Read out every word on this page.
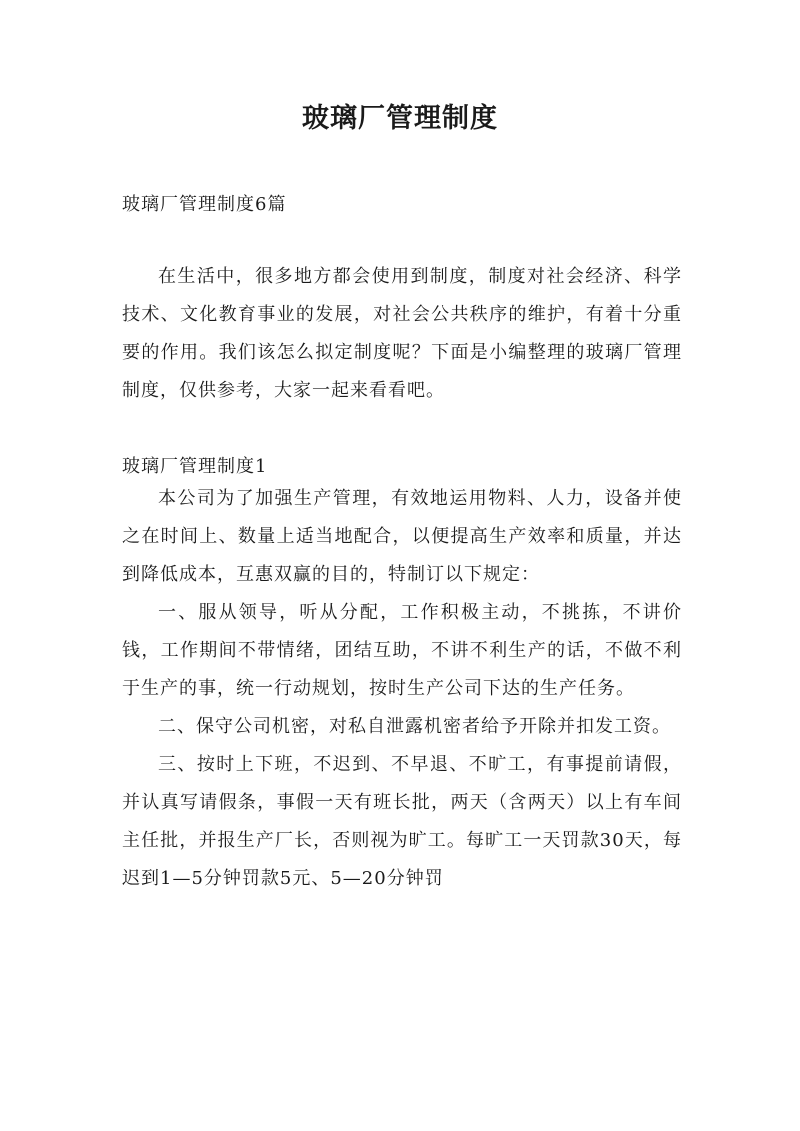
玻璃厂管理制度
玻璃厂管理制度6篇

在生活中，很多地方都会使用到制度，制度对社会经济、科学技术、文化教育事业的发展，对社会公共秩序的维护，有着十分重要的作用。我们该怎么拟定制度呢？下面是小编整理的玻璃厂管理制度，仅供参考，大家一起来看看吧。

玻璃厂管理制度1

本公司为了加强生产管理，有效地运用物料、人力，设备并使之在时间上、数量上适当地配合，以便提高生产效率和质量，并达到降低成本，互惠双赢的目的，特制订以下规定：

一、服从领导，听从分配，工作积极主动，不挑拣，不讲价钱，工作期间不带情绪，团结互助，不讲不利生产的话，不做不利于生产的事，统一行动规划，按时生产公司下达的生产任务。

二、保守公司机密，对私自泄露机密者给予开除并扣发工资。

三、按时上下班，不迟到、不早退、不旷工，有事提前请假，并认真写请假条，事假一天有班长批，两天（含两天）以上有车间主任批，并报生产厂长，否则视为旷工。每旷工一天罚款30天，每迟到1—5分钟罚款5元、5—20分钟罚
